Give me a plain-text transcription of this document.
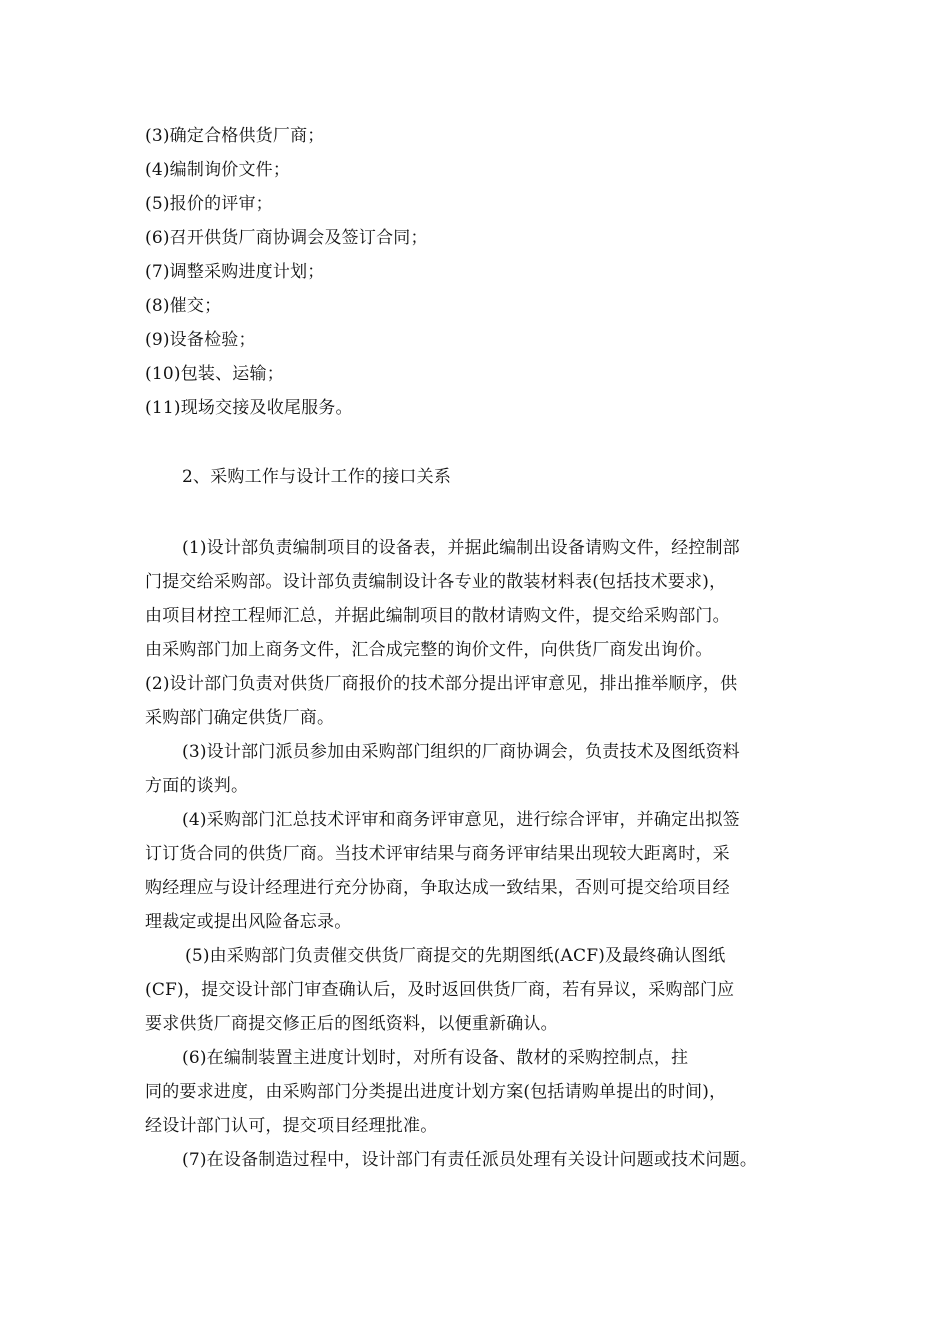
(3)确定合格供货厂商；
(4)编制询价文件；
(5)报价的评审；
(6)召开供货厂商协调会及签订合同；
(7)调整采购进度计划；
(8)催交；
(9)设备检验；
(10)包装、运输；
(11)现场交接及收尾服务。
2、采购工作与设计工作的接口关系
(1)设计部负责编制项目的设备表，并据此编制出设备请购文件，经控制部
门提交给采购部。设计部负责编制设计各专业的散装材料表(包括技术要求)，
由项目材控工程师汇总，并据此编制项目的散材请购文件，提交给采购部门。
由采购部门加上商务文件，汇合成完整的询价文件，向供货厂商发出询价。
(2)设计部门负责对供货厂商报价的技术部分提出评审意见，排出推举顺序，供
采购部门确定供货厂商。
(3)设计部门派员参加由采购部门组织的厂商协调会，负责技术及图纸资料
方面的谈判。
(4)采购部门汇总技术评审和商务评审意见，进行综合评审，并确定出拟签
订订货合同的供货厂商。当技术评审结果与商务评审结果出现较大距离时，采
购经理应与设计经理进行充分协商，争取达成一致结果，否则可提交给项目经
理裁定或提出风险备忘录。
(5)由采购部门负责催交供货厂商提交的先期图纸(ACF)及最终确认图纸
(CF)，提交设计部门审查确认后，及时返回供货厂商，若有异议，采购部门应
要求供货厂商提交修正后的图纸资料，以便重新确认。
(6)在编制装置主进度计划时，对所有设备、散材的采购控制点，拄
同的要求进度，由采购部门分类提出进度计划方案(包括请购单提出的时间)，
经设计部门认可，提交项目经理批准。
(7)在设备制造过程中，设计部门有责任派员处理有关设计问题或技术问题。
